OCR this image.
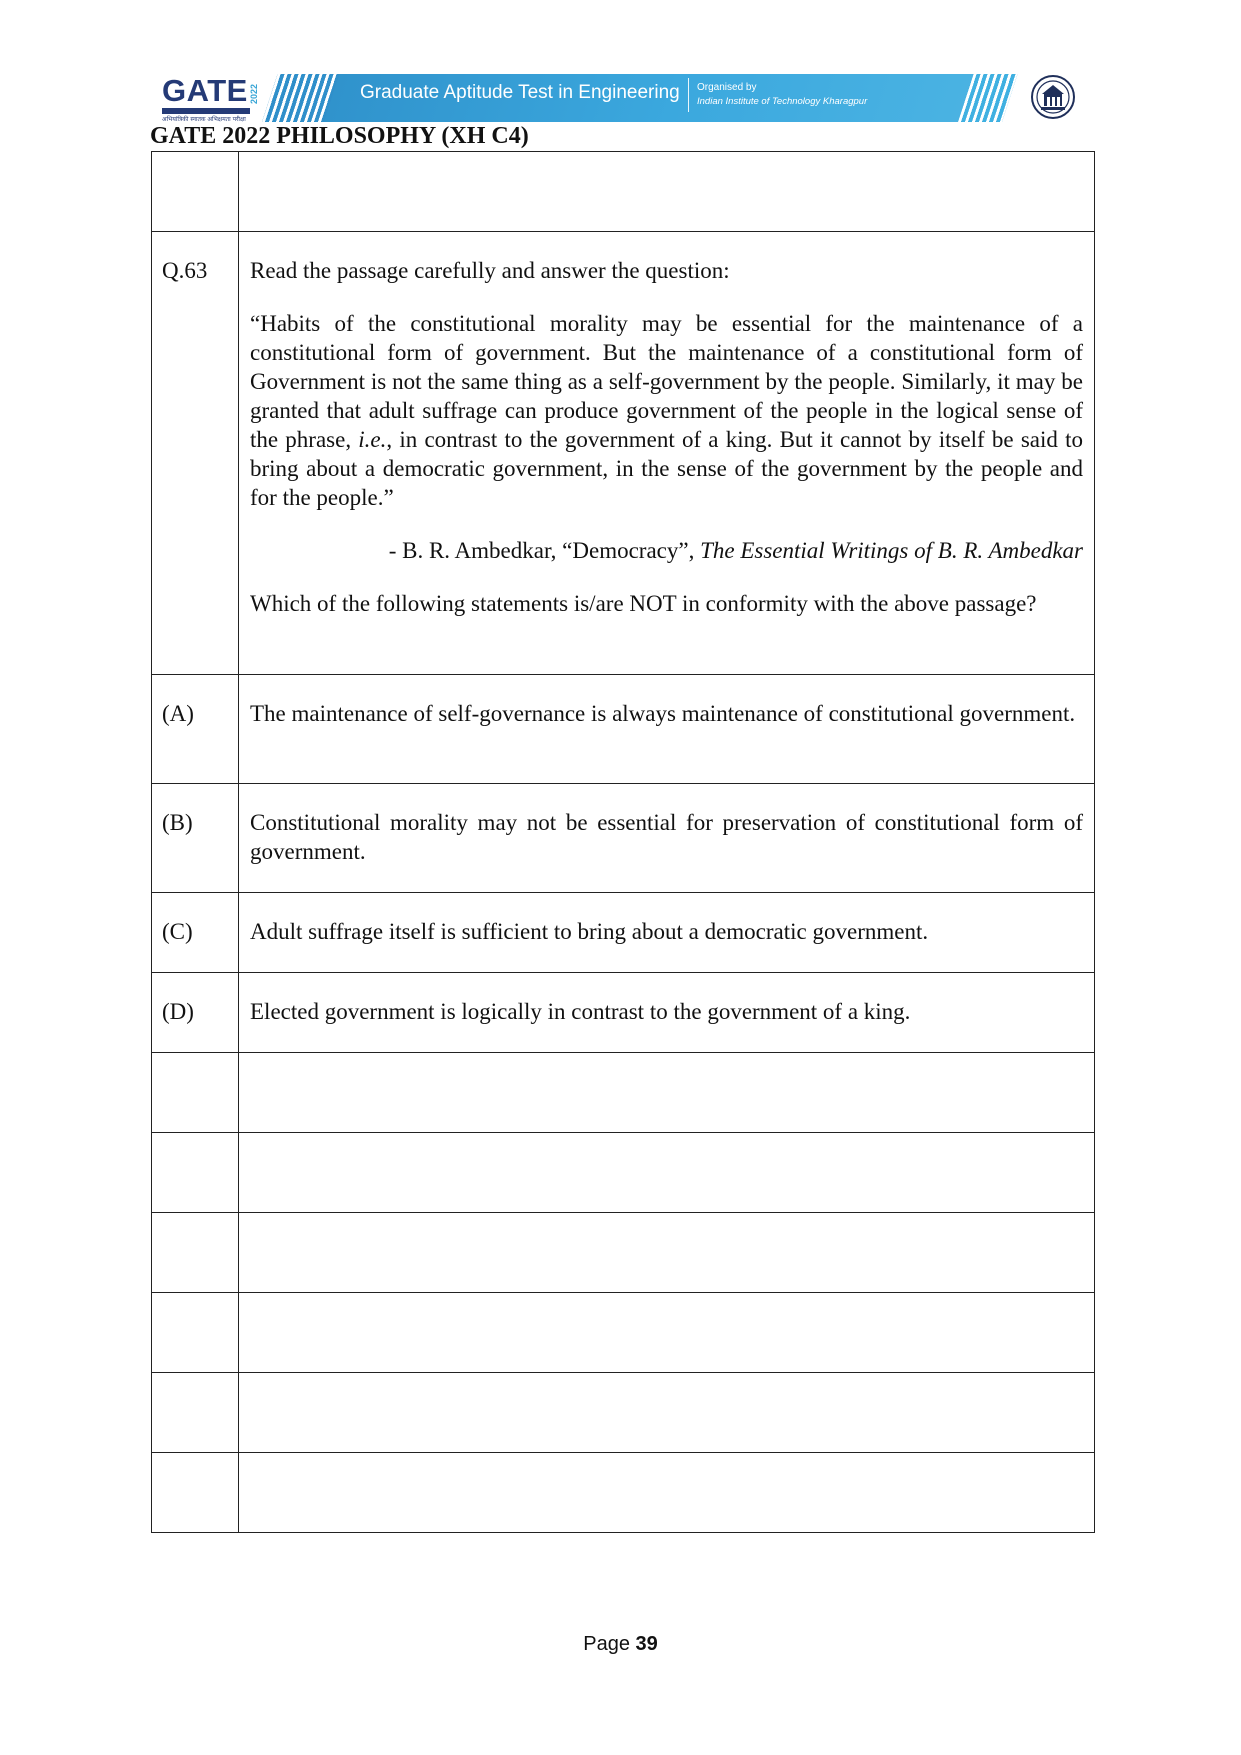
GATE 2022
अभियांत्रिकी स्नातक अभिक्षमता परीक्षा
Graduate Aptitude Test in Engineering Organised by
Indian Institute of Technology Kharagpur
GATE 2022 PHILOSOPHY (XH C4)

Q.63	Read the passage carefully and answer the question:

“Habits of the constitutional morality may be essential for the maintenance of a constitutional form of government. But the maintenance of a constitutional form of Government is not the same thing as a self-government by the people. Similarly, it may be granted that adult suffrage can produce government of the people in the logical sense of the phrase, i.e., in contrast to the government of a king. But it cannot by itself be said to bring about a democratic government, in the sense of the government by the people and for the people.”

- B. R. Ambedkar, “Democracy”, The Essential Writings of B. R. Ambedkar

Which of the following statements is/are NOT in conformity with the above passage?

(A)	The maintenance of self-governance is always maintenance of constitutional government.
(B)	Constitutional morality may not be essential for preservation of constitutional form of government.
(C)	Adult suffrage itself is sufficient to bring about a democratic government.
(D)	Elected government is logically in contrast to the government of a king.

Page 39
